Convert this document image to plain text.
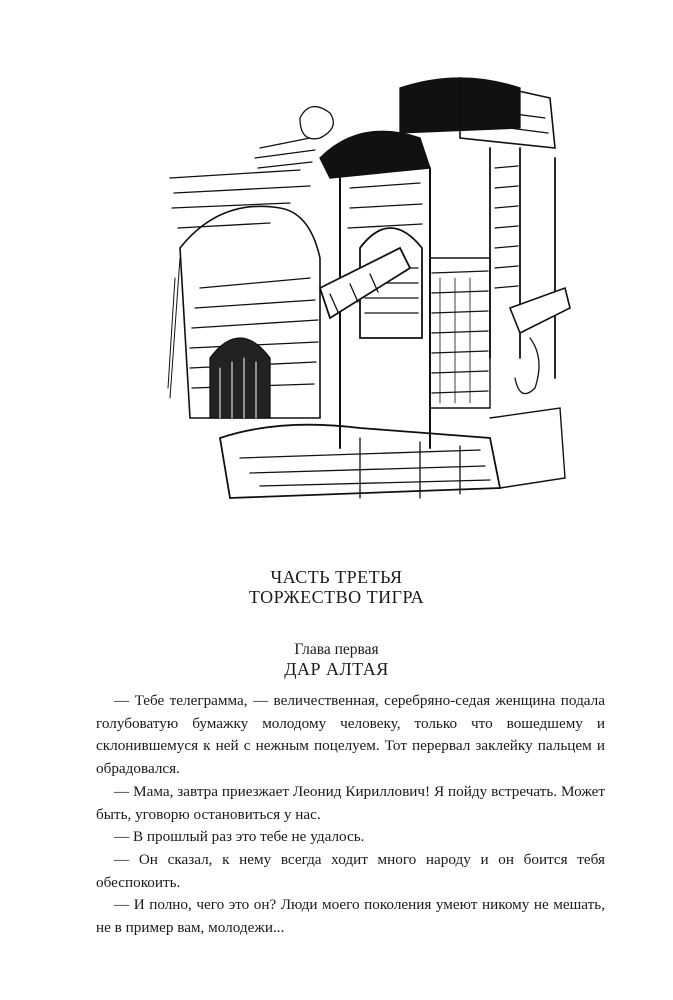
ЧАСТЬ ТРЕТЬЯ
ТОРЖЕСТВО ТИГРА
Глава первая
ДАР АЛТАЯ

— Тебе телеграмма, — величественная, серебряно-седая женщина подала голубоватую бумажку молодому человеку, только что вошедшему и склонившемуся к ней с нежным поцелуем. Тот перервал заклейку пальцем и обрадовался.

— Мама, завтра приезжает Леонид Кириллович! Я пойду встречать. Может быть, уговорю остановиться у нас.

— В прошлый раз это тебе не удалось.

— Он сказал, к нему всегда ходит много народу и он боится тебя обеспокоить.

— И полно, чего это он? Люди моего поколения умеют никому не мешать, не в пример вам, молодежи...
